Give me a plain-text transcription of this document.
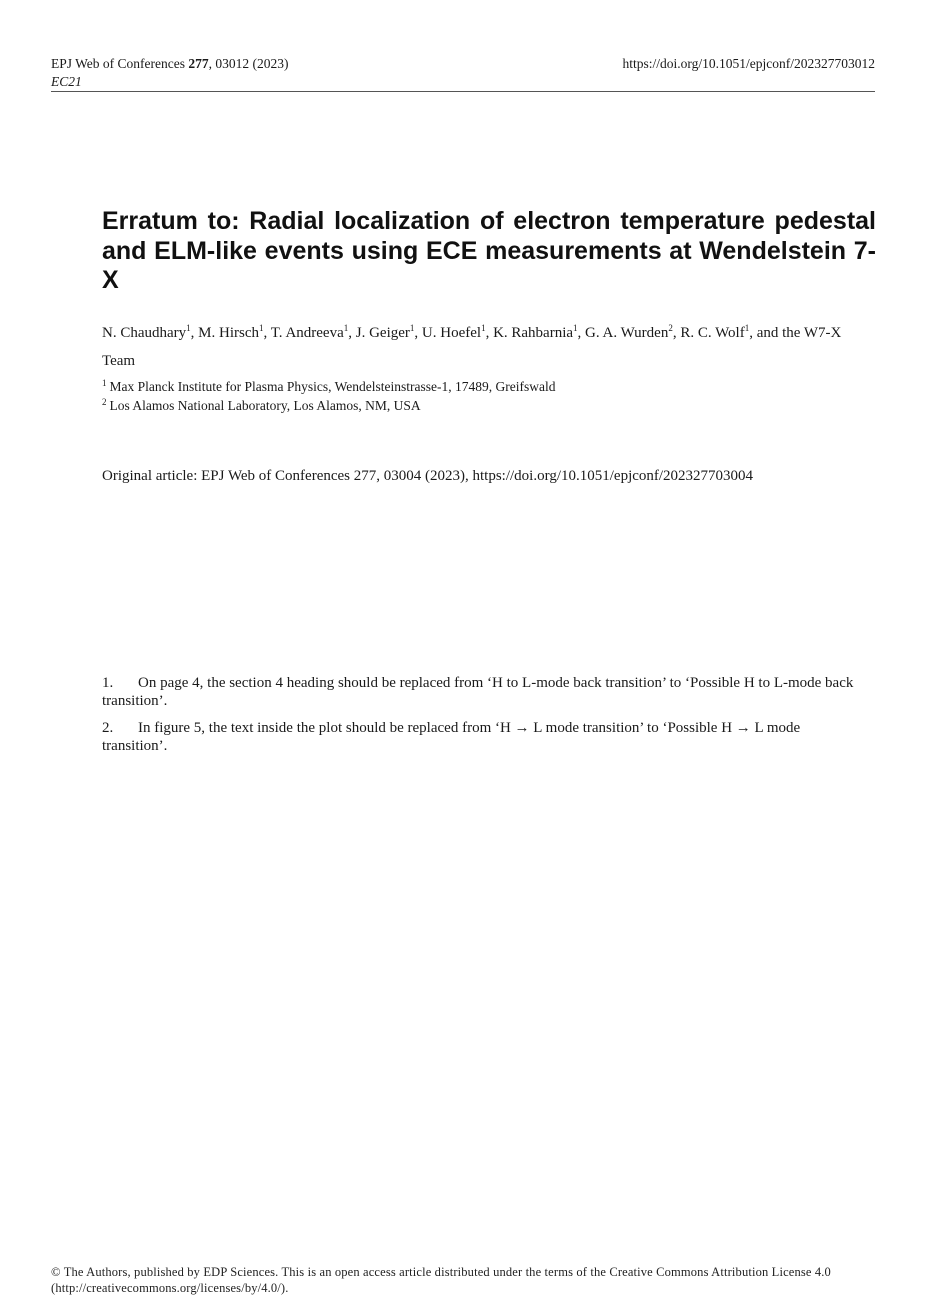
EPJ Web of Conferences 277, 03012 (2023)
EC21
https://doi.org/10.1051/epjconf/202327703012
Erratum to: Radial localization of electron temperature pedestal and ELM-like events using ECE measurements at Wendelstein 7-X
N. Chaudhary$^1$, M. Hirsch$^1$, T. Andreeva$^1$, J. Geiger$^1$, U. Hoefel$^1$, K. Rahbarnia$^1$, G. A. Wurden$^2$, R. C. Wolf$^1$, and the W7-X Team
$^1$ Max Planck Institute for Plasma Physics, Wendelsteinstrasse-1, 17489, Greifswald
$^2$ Los Alamos National Laboratory, Los Alamos, NM, USA
Original article: EPJ Web of Conferences 277, 03004 (2023), https://doi.org/10.1051/epjconf/202327703004
1. On page 4, the section 4 heading should be replaced from ‘H to L-mode back transition’ to ‘Possible H to L-mode back transition’.
2. In figure 5, the text inside the plot should be replaced from ‘H → L mode transition’ to ‘Possible H → L mode transition’.
© The Authors, published by EDP Sciences. This is an open access article distributed under the terms of the Creative Commons Attribution License 4.0
(http://creativecommons.org/licenses/by/4.0/).
